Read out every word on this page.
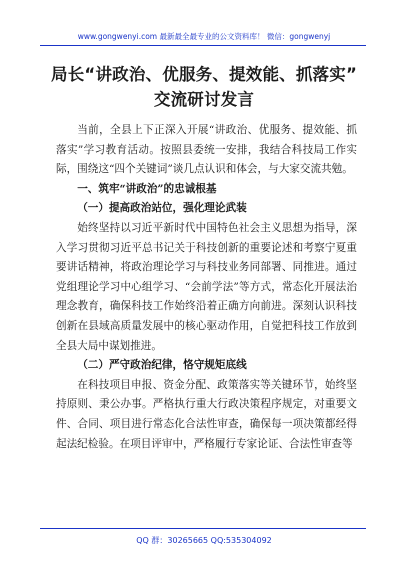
www.gongwenyi.com 最新最全最专业的公文资料库！ 微信：gongwenyj
局长“讲政治、优服务、提效能、抓落实”
交流研讨发言

当前，全县上下正深入开展“讲政治、优服务、提效能、抓落实”学习教育活动。按照县委统一安排，我结合科技局工作实际，围绕这“四个关键词”谈几点认识和体会，与大家交流共勉。

一、筑牢“讲政治”的忠诚根基

（一）提高政治站位，强化理论武装

始终坚持以习近平新时代中国特色社会主义思想为指导，深入学习贯彻习近平总书记关于科技创新的重要论述和考察宁夏重要讲话精神，将政治理论学习与科技业务同部署、同推进。通过党组理论学习中心组学习、“会前学法”等方式，常态化开展法治理念教育，确保科技工作始终沿着正确方向前进。深刻认识科技创新在县域高质量发展中的核心驱动作用，自觉把科技工作放到全县大局中谋划推进。

（二）严守政治纪律，恪守规矩底线

在科技项目申报、资金分配、政策落实等关键环节，始终坚持原则、秉公办事。严格执行重大行政决策程序规定，对重要文件、合同、项目进行常态化合法性审查，确保每一项决策都经得起法纪检验。在项目评审中，严格履行专家论证、合法性审查等

QQ 群：30265665 QQ:535304092
